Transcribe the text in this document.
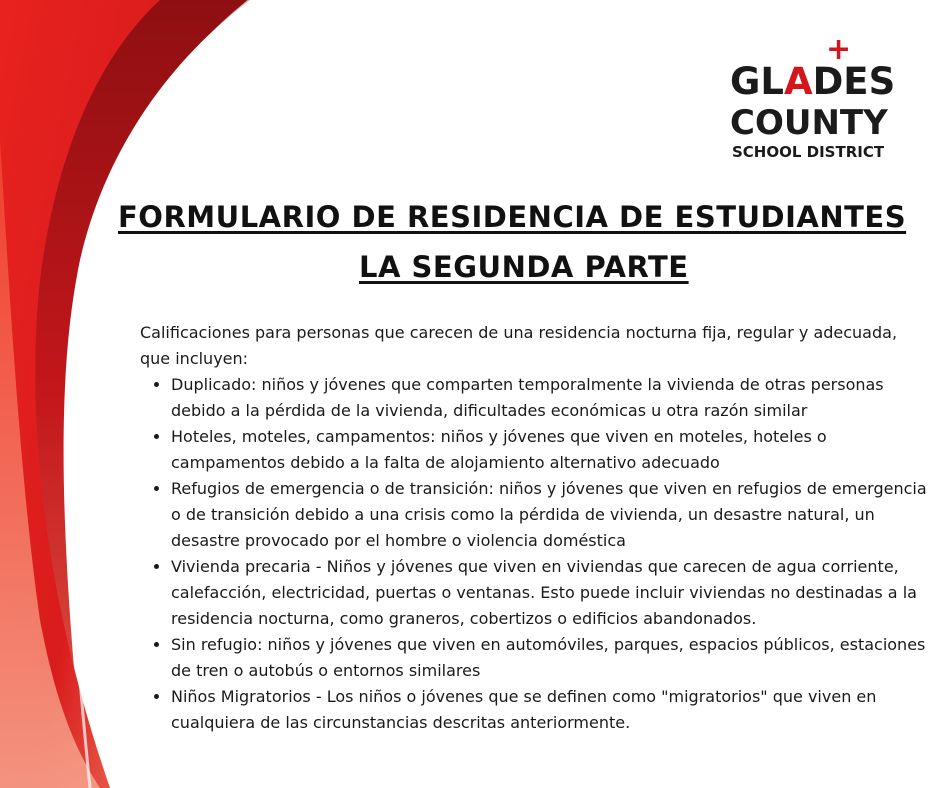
+
GLADES
COUNTY
SCHOOL DISTRICT
FORMULARIO DE RESIDENCIA DE ESTUDIANTES
LA SEGUNDA PARTE

Calificaciones para personas que carecen de una residencia nocturna fija, regular y adecuada, que incluyen:

• Duplicado: niños y jóvenes que comparten temporalmente la vivienda de otras personas debido a la pérdida de la vivienda, dificultades económicas u otra razón similar
• Hoteles, moteles, campamentos: niños y jóvenes que viven en moteles, hoteles o campamentos debido a la falta de alojamiento alternativo adecuado
• Refugios de emergencia o de transición: niños y jóvenes que viven en refugios de emergencia o de transición debido a una crisis como la pérdida de vivienda, un desastre natural, un desastre provocado por el hombre o violencia doméstica
• Vivienda precaria - Niños y jóvenes que viven en viviendas que carecen de agua corriente, calefacción, electricidad, puertas o ventanas. Esto puede incluir viviendas no destinadas a la residencia nocturna, como graneros, cobertizos o edificios abandonados.
• Sin refugio: niños y jóvenes que viven en automóviles, parques, espacios públicos, estaciones de tren o autobús o entornos similares
• Niños Migratorios - Los niños o jóvenes que se definen como "migratorios" que viven en cualquiera de las circunstancias descritas anteriormente.
